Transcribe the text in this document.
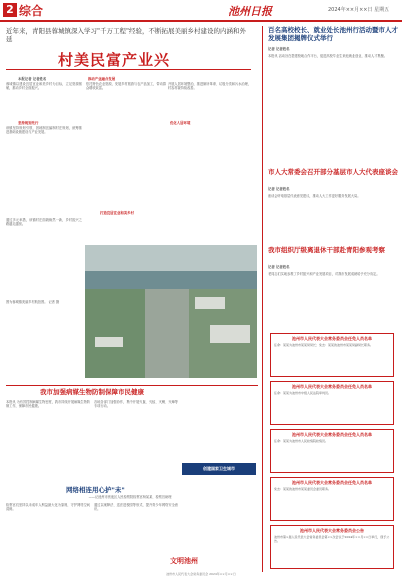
2 综合	池州日报	2024年××月××日 星期五
近年来，青阳县蓉城镇深入学习"千万工程"经验，不断拓展美丽乡村建设的内涵和外延
村美民富产业兴
本报记者 记者姓名
蓉城镇以建设宜居宜业和美乡村为目标，立足资源禀赋，推动乡村全面振兴。
坚持规划先行
该镇坚持规划引领，因地制宜编制村庄规划，统筹推进基础设施建设与产业发展。
推动产业融合发展
依托特色农业资源，发展乡村旅游与农产品加工，带动群众增收致富。
优化人居环境
开展人居环境整治，推进厕所革命、垃圾分类和污水治理，村容村貌持续改善。
打造宜居宜业和美乡村
图为蓉城镇美丽乡村航拍图。 记者 摄
通过多元举措，该镇村庄面貌焕然一新，乡村振兴之路越走越宽。
百名高校校长、就业处长池州行活动暨市人才发展集团揭牌仪式举行
记者 记者姓名
本报讯 活动旨在搭建校地合作平台，促进高校毕业生来池就业创业，推动人才集聚。
市人大常委会召开部分基层市人大代表座谈会
记者 记者姓名
座谈会听取基层代表意见建议，推动人大工作更好服务发展大局。
我市组织厅级离退休干部赴青阳参观考察
记者 记者姓名
老同志们实地参观了乡村振兴和产业发展项目，对我市发展成就给予充分肯定。
我市加强病媒生物防制保障市民健康
本报讯 为有效控制病媒生物密度，我市持续开展病媒生物防制工作，保障市民健康。
各地各部门加强协作，集中开展灭鼠、灭蚊、灭蝇、灭蟑等专项行动。
创建国家卫生城市
网络相连用心护"未"
——记池州市贵池区人民检察院检察官杨某某、检察官助理
检察官们坚持以未成年人利益最大化为原则，守护网络空间清朗。
通过以案释法、送法进校园等形式，提升青少年网络安全意识。
文明池州
池州市人民代表大会常务委员会任免人员名单
任命：某某为池州市某某局局长；免去：某某的池州市某某局副局长职务。
池州市人民代表大会常务委员会任免人员名单
任命：某某为池州市中级人民法院审判员。
池州市人民代表大会常务委员会任免人员名单
任命：某某为池州市人民检察院检察员。
池州市人民代表大会常务委员会任免人员名单
免去：某某的池州市某某委员会委员职务。
池州市人民代表大会常务委员会公告
池州市第×届人民代表大会常务委员会第××次会议于2024年××月××日举行，现予公告。
池州市人民代表大会常务委员会 2024年××月××日
